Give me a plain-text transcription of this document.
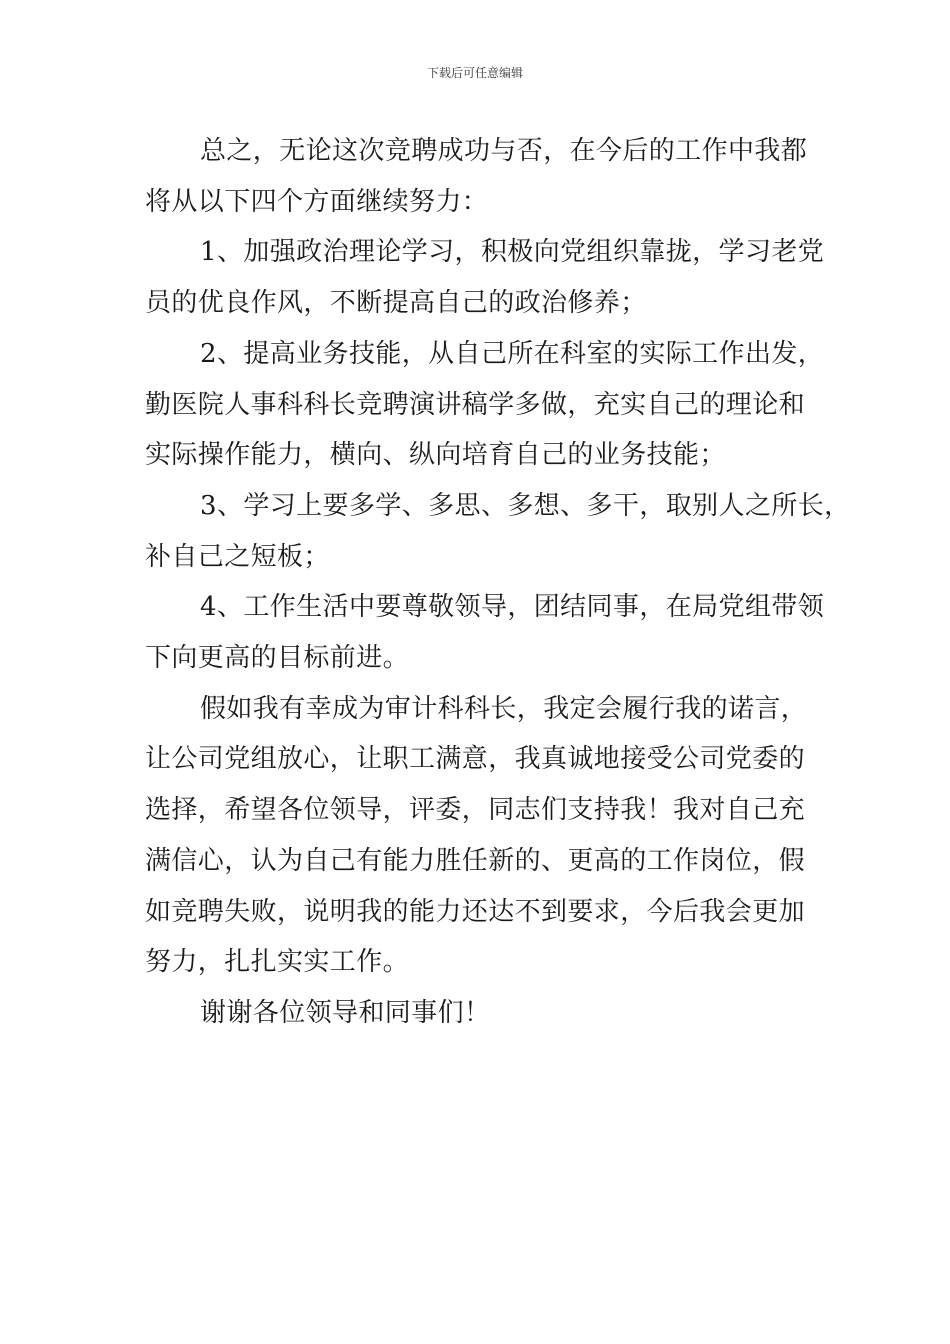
下载后可任意编辑

总之，无论这次竞聘成功与否，在今后的工作中我都
将从以下四个方面继续努力：

1、加强政治理论学习，积极向党组织靠拢，学习老党
员的优良作风，不断提高自己的政治修养；

2、提高业务技能，从自己所在科室的实际工作出发，
勤医院人事科科长竞聘演讲稿学多做，充实自己的理论和
实际操作能力，横向、纵向培育自己的业务技能；

3、学习上要多学、多思、多想、多干，取别人之所长，
补自己之短板；

4、工作生活中要尊敬领导，团结同事，在局党组带领
下向更高的目标前进。

假如我有幸成为审计科科长，我定会履行我的诺言，
让公司党组放心，让职工满意，我真诚地接受公司党委的
选择，希望各位领导，评委，同志们支持我！我对自己充
满信心，认为自己有能力胜任新的、更高的工作岗位，假
如竞聘失败，说明我的能力还达不到要求，今后我会更加
努力，扎扎实实工作。

谢谢各位领导和同事们！
